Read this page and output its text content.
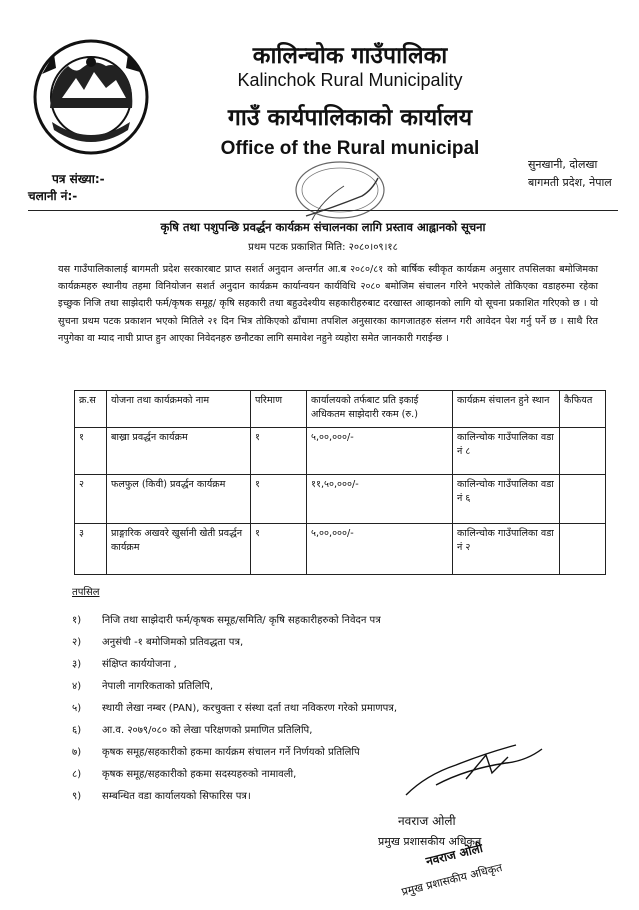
कालिन्चोक गाउँपालिका
Kalinchok Rural Municipality
गाउँ कार्यपालिकाको कार्यालय
Office of the Rural municipal
पत्र संख्या:-
चलानी नं:-
सुनखानी, दोलखा
बागमती प्रदेश, नेपाल
कृषि तथा पशुपन्छि प्रवर्द्धन कार्यक्रम संचालनका लागि प्रस्ताव आह्वानको सूचना
प्रथम पटक प्रकाशित मिति: २०८०।०९।१८
यस गाउँपालिकालाई बागमती प्रदेश सरकारबाट प्राप्त सशर्त अनुदान अन्तर्गत आ.ब २०८०/८१ को बार्षिक स्वीकृत कार्यक्रम अनुसार तपसिलका बमोजिमका कार्यक्रमहरु स्थानीय तहमा विनियोजन सशर्त अनुदान कार्यक्रम कार्यान्वयन कार्यविधि २०८० बमोजिम संचालन गरिने भएकोले तोकिएका वडाहरुमा रहेका इच्छुक निजि तथा साझेदारी फर्म/कृषक समूह/ कृषि सहकारी तथा बहुउदेश्यीय सहकारीहरुबाट दरखास्त आव्हानको लागि यो सूचना प्रकाशित गरिएको छ । यो सुचना प्रथम पटक प्रकाशन भएको मितिले २१ दिन भित्र तोकिएको ढाँचामा तपशिल अनुसारका कागजातहरु संलग्न गरी आवेदन पेश गर्नु पर्ने छ । साथै रित नपुगेका वा म्याद नाघी प्राप्त हुन आएका निवेदनहरु छनौटका लागि समावेश नहुने व्यहोरा समेत जानकारी गराईन्छ ।
क्र.स	योजना तथा कार्यक्रमको नाम	परिमाण	कार्यालयको तर्फबाट प्रति इकाई अधिकतम साझेदारी रकम (रु.)	कार्यक्रम संचालन हुने स्थान	कैफियत
१	बाख्रा प्रवर्द्धन कार्यक्रम	१	५,००,०००/-	कालिन्चोक गाउँपालिका वडा नं ८	
२	फलफुल (किवी) प्रवर्द्धन कार्यक्रम	१	११,५०,०००/-	कालिन्चोक गाउँपालिका वडा नं ६	
३	प्राङ्गारिक अखवरे खुर्सानी खेती प्रवर्द्धन कार्यक्रम	१	५,००,०००/-	कालिन्चोक गाउँपालिका वडा नं २	
तपसिल
१) निजि तथा साझेदारी फर्म/कृषक समूह/समिति/ कृषि सहकारीहरुको निवेदन पत्र
२) अनुसंची -१ बमोजिमको प्रतिवद्धता पत्र,
३) संक्षिप्त कार्ययोजना ,
४) नेपाली नागरिकताको प्रतिलिपि,
५) स्थायी लेखा नम्बर (PAN), करचुक्ता र संस्था दर्ता तथा नविकरण गरेको प्रमाणपत्र,
६) आ.व. २०७९/०८० को लेखा परिक्षणको प्रमाणित प्रतिलिपि,
७) कृषक समूह/सहकारीको हकमा कार्यक्रम संचालन गर्ने निर्णयको प्रतिलिपि
८) कृषक समूह/सहकारीको हकमा सदस्यहरुको नामावली,
९) सम्बन्धित वडा कार्यालयको सिफारिस पत्र।
नवराज ओली
प्रमुख प्रशासकीय अधिकृत
नवराज ओली
प्रमुख प्रशासकीय अधिकृत
